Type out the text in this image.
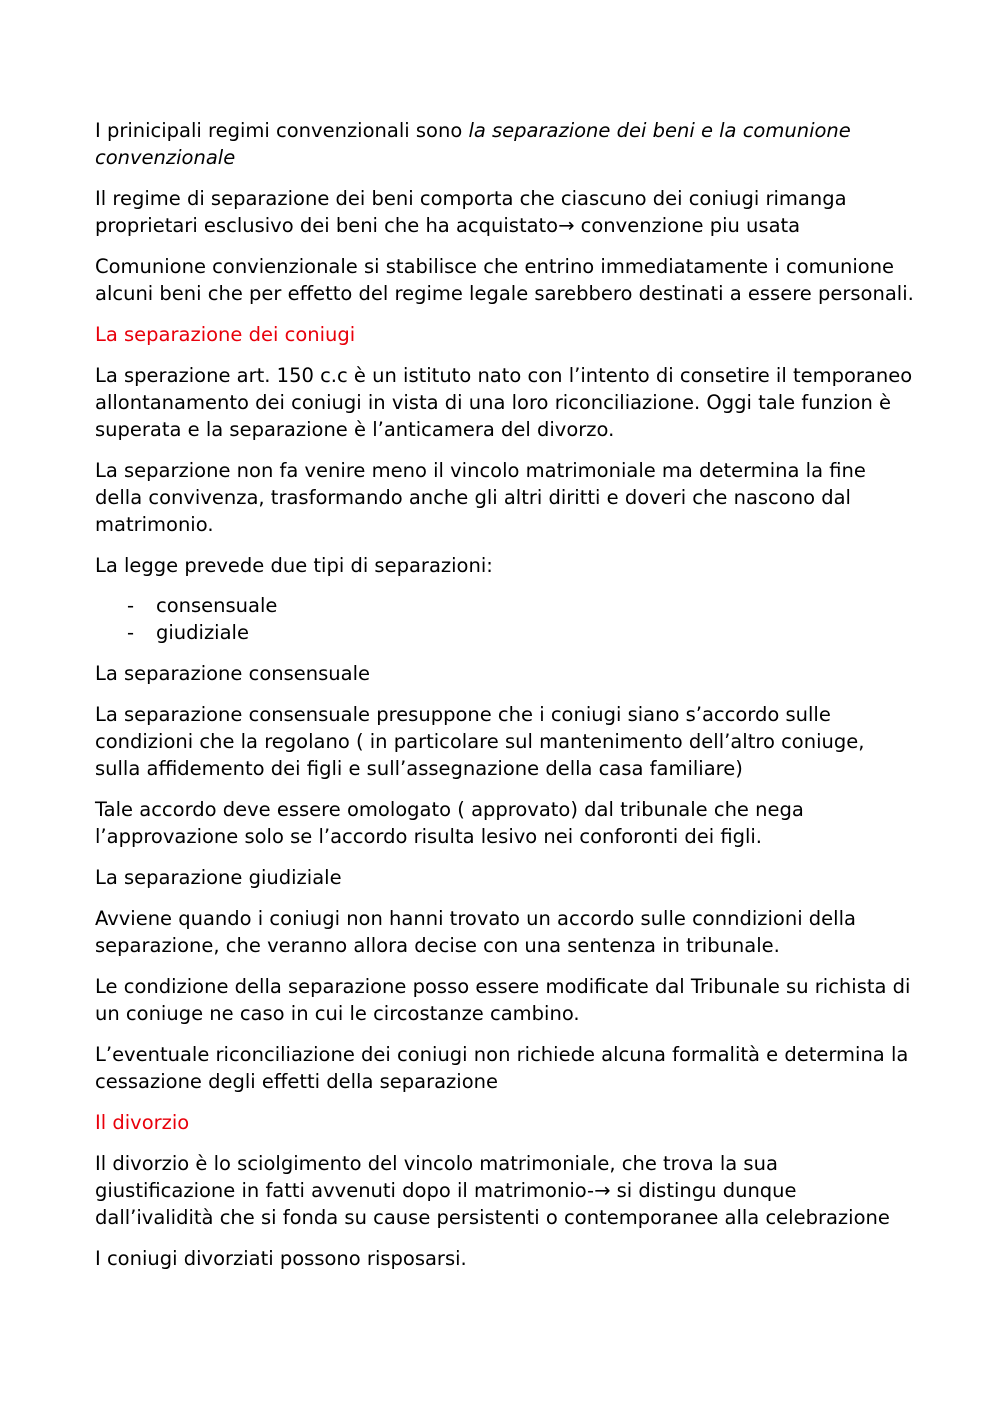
I prinicipali regimi convenzionali sono la separazione dei beni e la comunione convenzionale

Il regime di separazione dei beni comporta che ciascuno dei coniugi rimanga proprietari esclusivo dei beni che ha acquistato→ convenzione piu usata

Comunione convienzionale si stabilisce che entrino immediatamente i comunione alcuni beni che per effetto del regime legale sarebbero destinati a essere personali.

La separazione dei coniugi

La sperazione art. 150 c.c è un istituto nato con l’intento di consetire il temporaneo allontanamento dei coniugi in vista di una loro riconciliazione. Oggi tale funzion è superata e la separazione è l’anticamera del divorzo.

La separzione non fa venire meno il vincolo matrimoniale ma determina la fine della convivenza, trasformando anche gli altri diritti e doveri che nascono dal matrimonio.

La legge prevede due tipi di separazioni:

- consensuale
- giudiziale

La separazione consensuale

La separazione consensuale presuppone che i coniugi siano s’accordo sulle condizioni che la regolano ( in particolare sul mantenimento dell’altro coniuge, sulla affidemento dei figli e sull’assegnazione della casa familiare)

Tale accordo deve essere omologato ( approvato) dal tribunale che nega l’approvazione solo se l’accordo risulta lesivo nei conforonti dei figli.

La separazione giudiziale

Avviene quando i coniugi non hanni trovato un accordo sulle conndizioni della separazione, che veranno allora decise con una sentenza in tribunale.

Le condizione della separazione posso essere modificate dal Tribunale su richista di un coniuge ne caso in cui le circostanze cambino.

L’eventuale riconciliazione dei coniugi non richiede alcuna formalità e determina la cessazione degli effetti della separazione

Il divorzio

Il divorzio è lo sciolgimento del vincolo matrimoniale, che trova la sua giustificazione in fatti avvenuti dopo il matrimonio-→ si distingu dunque dall’ivalidità che si fonda su cause persistenti o contemporanee alla celebrazione

I coniugi divorziati possono risposarsi.
